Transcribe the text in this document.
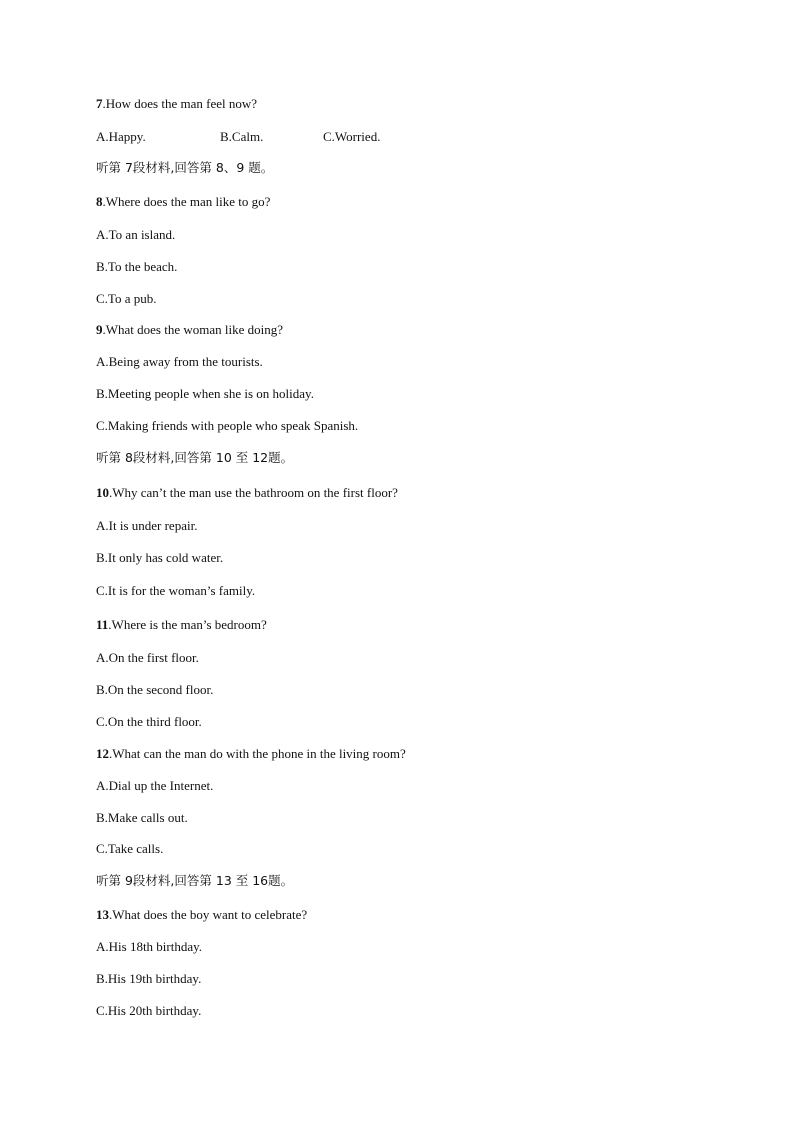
7.How does the man feel now?
A.Happy.	B.Calm.	C.Worried.
听第 7段材料,回答第 8、9 题。
8.Where does the man like to go?
A.To an island.
B.To the beach.
C.To a pub.
9.What does the woman like doing?
A.Being away from the tourists.
B.Meeting people when she is on holiday.
C.Making friends with people who speak Spanish.
听第 8段材料,回答第 10 至 12题。
10.Why can’t the man use the bathroom on the first floor?
A.It is under repair.
B.It only has cold water.
C.It is for the woman’s family.
11.Where is the man’s bedroom?
A.On the first floor.
B.On the second floor.
C.On the third floor.
12.What can the man do with the phone in the living room?
A.Dial up the Internet.
B.Make calls out.
C.Take calls.
听第 9段材料,回答第 13 至 16题。
13.What does the boy want to celebrate?
A.His 18th birthday.
B.His 19th birthday.
C.His 20th birthday.
